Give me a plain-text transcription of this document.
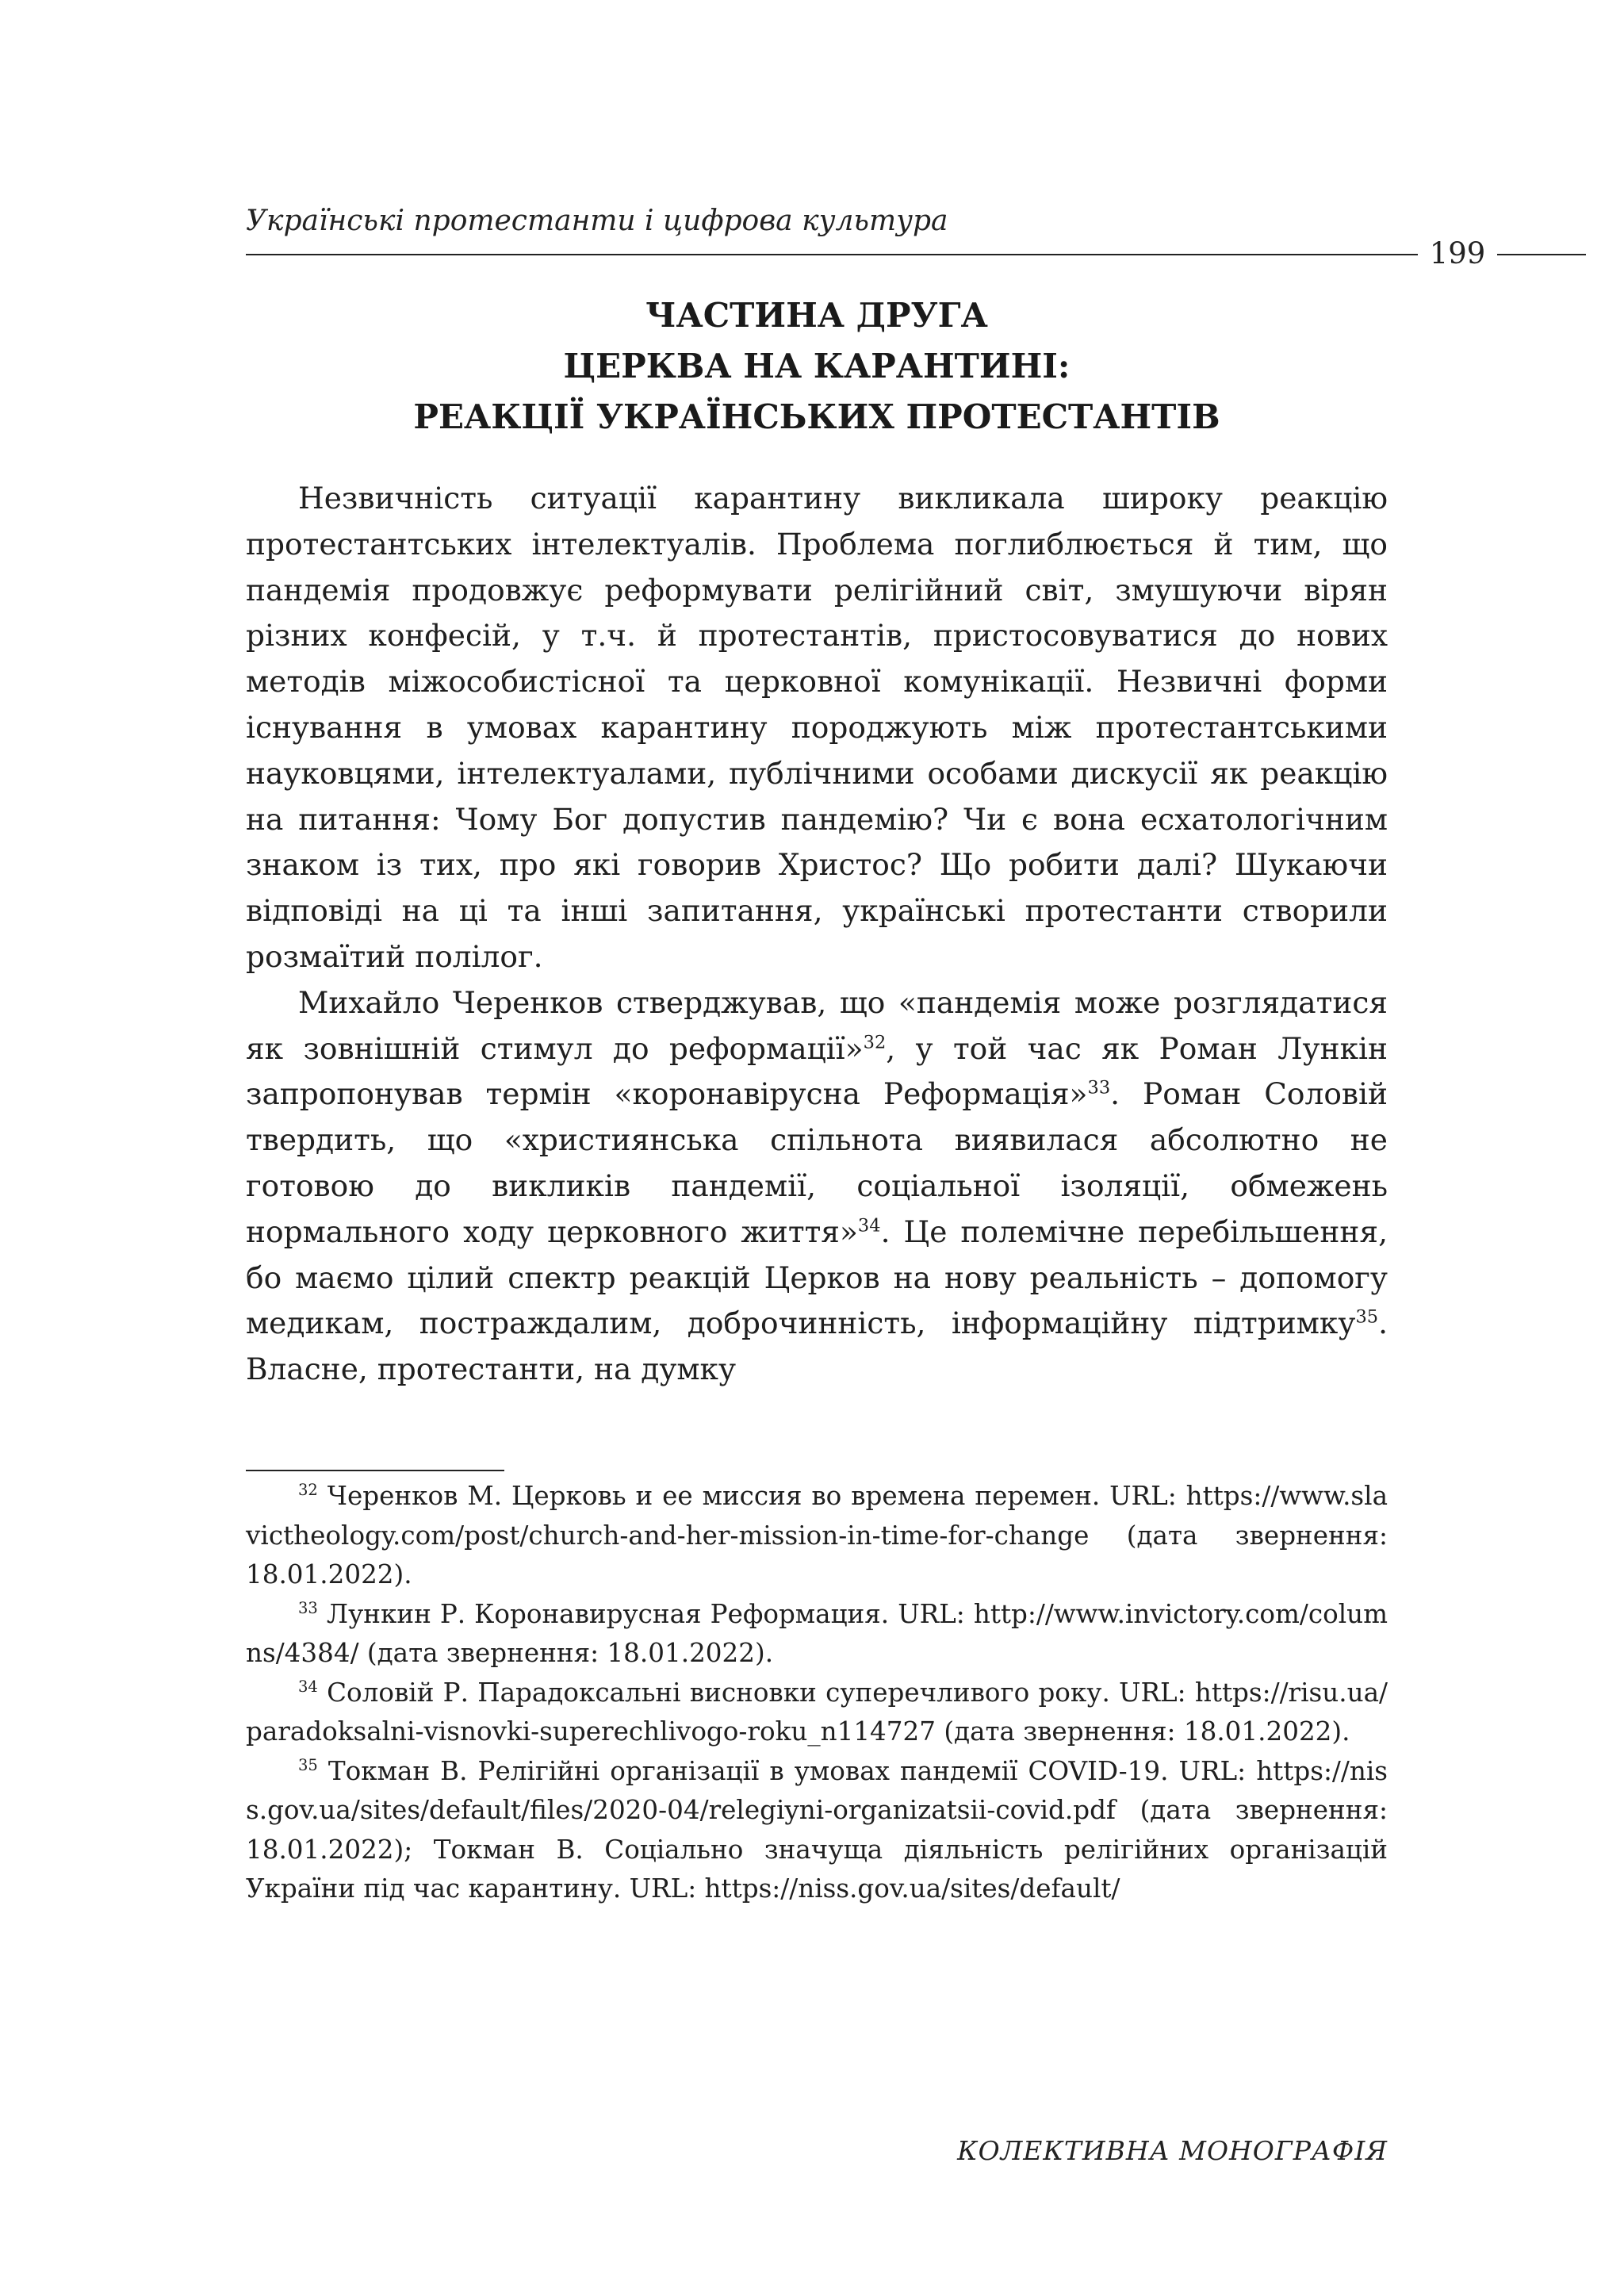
Українські протестанти і цифрова культура
199
ЧАСТИНА ДРУГА
ЦЕРКВА НА КАРАНТИНІ:
РЕАКЦІЇ УКРАЇНСЬКИХ ПРОТЕСТАНТІВ

Незвичність ситуації карантину викликала широку реакцію протестантських інтелектуалів. Проблема поглиблюється й тим, що пандемія продовжує реформувати релігійний світ, змушуючи вірян різних конфесій, у т.ч. й протестантів, пристосовуватися до нових методів міжособистісної та церковної комунікації. Незвичні форми існування в умовах карантину породжують між протестантськими науковцями, інтелектуалами, публічними особами дискусії як реакцію на питання: Чому Бог допустив пандемію? Чи є вона есхатологічним знаком із тих, про які говорив Христос? Що робити далі? Шукаючи відповіді на ці та інші запитання, українські протестанти створили розмаїтий полілог.

Михайло Черенков стверджував, що «пандемія може розглядатися як зовнішній стимул до реформації»$^{32}$, у той час як Роман Лункін запропонував термін «коронавірусна Реформація»$^{33}$. Роман Соловій твердить, що «християнська спільнота виявилася абсолютно не готовою до викликів пандемії, соціальної ізоляції, обмежень нормального ходу церковного життя»$^{34}$. Це полемічне перебільшення, бо маємо цілий спектр реакцій Церков на нову реальність – допомогу медикам, постраждалим, доброчинність, інформаційну підтримку$^{35}$. Власне, протестанти, на думку

$^{32}$ Черенков М. Церковь и ее миссия во времена перемен. URL: https://www.slavictheology.com/post/church-and-her-mission-in-time-for-change (дата звернення: 18.01.2022).

$^{33}$ Лункин Р. Коронавирусная Реформация. URL: http://www.invictory.com/columns/4384/ (дата звернення: 18.01.2022).

$^{34}$ Соловій Р. Парадоксальні висновки суперечливого року. URL: https://risu.ua/paradoksalni-visnovki-superechlivogo-roku_n114727 (дата звернення: 18.01.2022).

$^{35}$ Токман В. Релігійні організації в умовах пандемії COVID-19. URL: https://niss.gov.ua/sites/default/files/2020-04/relegiyni-organizatsii-covid.pdf (дата звернення: 18.01.2022); Токман В. Соціально значуща діяльність релігійних організацій України під час карантину. URL: https://niss.gov.ua/sites/default/

КОЛЕКТИВНА МОНОГРАФІЯ
